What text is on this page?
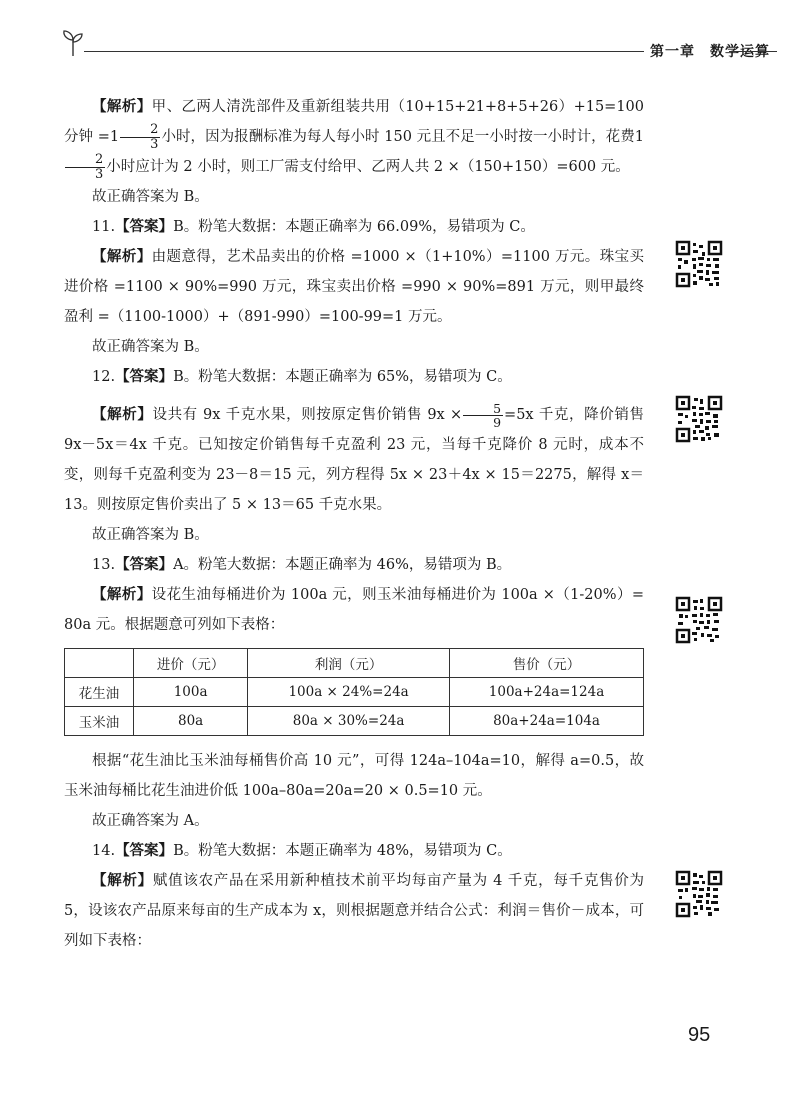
第一章　数学运算

【解析】甲、乙两人清洗部件及重新组装共用（10+15+21+8+5+26）+15=100 分钟 $=1 \frac{2}{3}$ 小时，因为报酬标准为每人每小时 150 元且不足一小时按一小时计，花费1
$\frac{2}{3}$ 小时应计为 2 小时，则工厂需支付给甲、乙两人共 2 ×（150+150）=600 元。

故正确答案为 B。

11.【答案】B。粉笔大数据：本题正确率为 66.09%，易错项为 C。

【解析】由题意得，艺术品卖出的价格 =1000 ×（1+10%）=1100 万元。珠宝买进价格 =1100 × 90%=990 万元，珠宝卖出价格 =990 × 90%=891 万元，则甲最终盈利 =（1100-1000）+（891-990）=100-99=1 万元。

故正确答案为 B。

12.【答案】B。粉笔大数据：本题正确率为 65%，易错项为 C。

【解析】设共有 9x 千克水果，则按原定售价销售 $9x \times \frac{5}{9} =5x$ 千克，降价销售 9x－5x＝4x 千克。已知按定价销售每千克盈利 23 元，当每千克降价 8 元时，成本不变，则每千克盈利变为 23－8＝15 元，列方程得 5x × 23＋4x × 15＝2275，解得 x＝13。则按原定售价卖出了 5 × 13＝65 千克水果。

故正确答案为 B。

13.【答案】A。粉笔大数据：本题正确率为 46%，易错项为 B。

【解析】设花生油每桶进价为 100a 元，则玉米油每桶进价为 100a ×（1-20%）= 80a 元。根据题意可列如下表格：

	进价（元）	利润（元）	售价（元）
花生油	100a	100a × 24%=24a	100a+24a=124a
玉米油	80a	80a × 30%=24a	80a+24a=104a

根据“花生油比玉米油每桶售价高 10 元”，可得 124a–104a=10，解得 a=0.5，故玉米油每桶比花生油进价低 100a–80a=20a=20 × 0.5=10 元。

故正确答案为 A。

14.【答案】B。粉笔大数据：本题正确率为 48%，易错项为 C。

【解析】赋值该农产品在采用新种植技术前平均每亩产量为 4 千克，每千克售价为 5，设该农产品原来每亩的生产成本为 x，则根据题意并结合公式：利润＝售价－成本，可列如下表格：

95
